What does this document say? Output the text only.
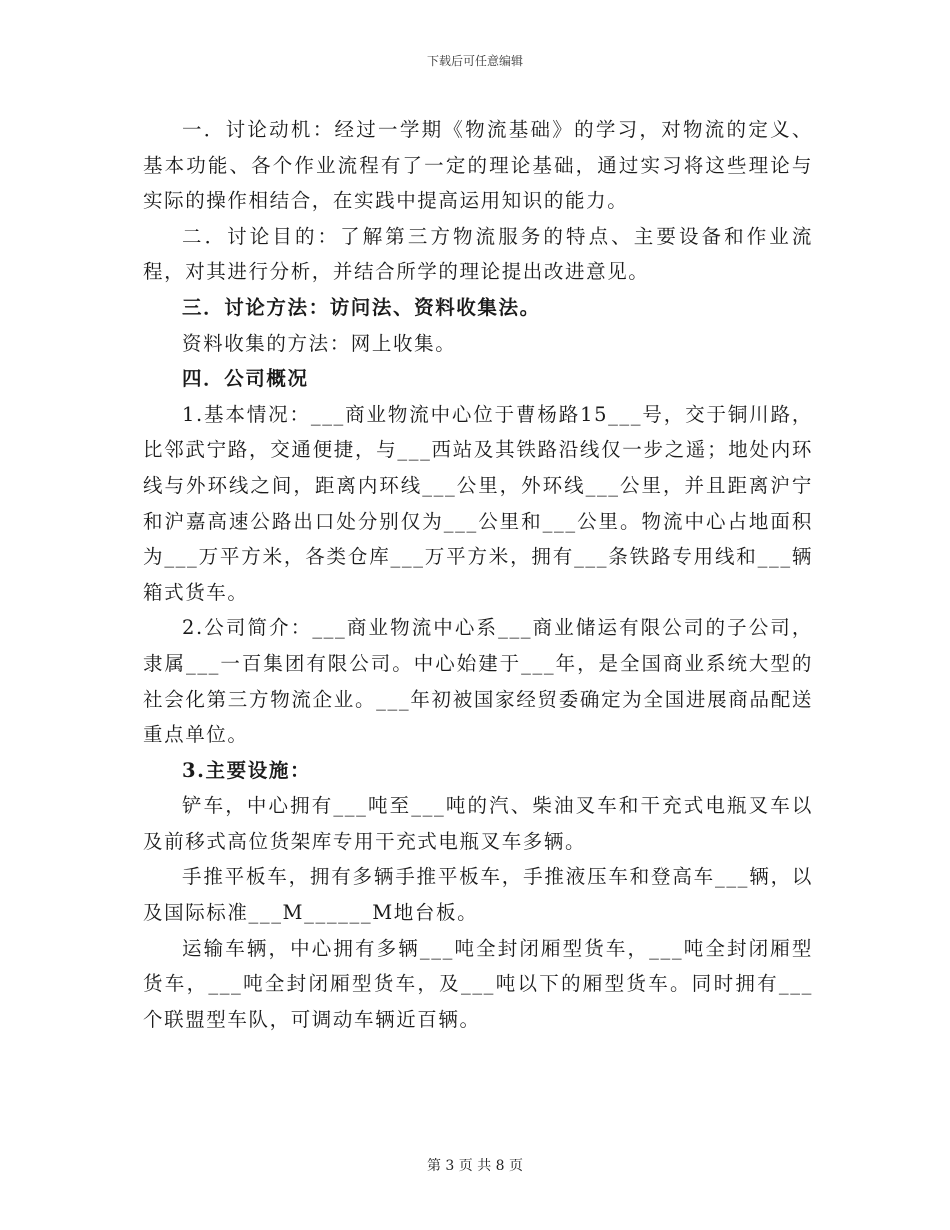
下载后可任意编辑

一．讨论动机：经过一学期《物流基础》的学习，对物流的定义、基本功能、各个作业流程有了一定的理论基础，通过实习将这些理论与实际的操作相结合，在实践中提高运用知识的能力。

二．讨论目的：了解第三方物流服务的特点、主要设备和作业流程，对其进行分析，并结合所学的理论提出改进意见。

三．讨论方法：访问法、资料收集法。

资料收集的方法：网上收集。

四．公司概况

1.基本情况：___商业物流中心位于曹杨路15___号，交于铜川路，比邻武宁路，交通便捷，与___西站及其铁路沿线仅一步之遥；地处内环线与外环线之间，距离内环线___公里，外环线___公里，并且距离沪宁和沪嘉高速公路出口处分别仅为___公里和___公里。物流中心占地面积为___万平方米，各类仓库___万平方米，拥有___条铁路专用线和___辆箱式货车。

2.公司简介：___商业物流中心系___商业储运有限公司的子公司，隶属___一百集团有限公司。中心始建于___年，是全国商业系统大型的社会化第三方物流企业。___年初被国家经贸委确定为全国进展商品配送重点单位。

3.主要设施：

铲车，中心拥有___吨至___吨的汽、柴油叉车和干充式电瓶叉车以及前移式高位货架库专用干充式电瓶叉车多辆。

手推平板车，拥有多辆手推平板车，手推液压车和登高车___辆，以及国际标准___M______M地台板。

运输车辆，中心拥有多辆___吨全封闭厢型货车，___吨全封闭厢型货车，___吨全封闭厢型货车，及___吨以下的厢型货车。同时拥有___个联盟型车队，可调动车辆近百辆。

第 3 页 共 8 页
